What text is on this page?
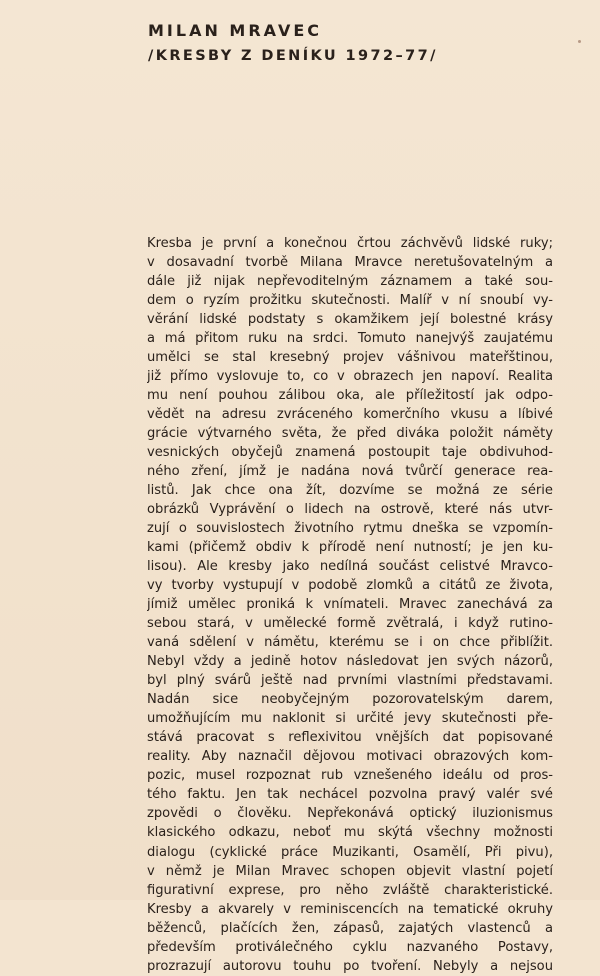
MILAN MRAVEC
/KRESBY Z DENÍKU 1972–77/
Kresba je první a konečnou črtou záchvěvů lidské ruky;
v dosavadní tvorbě Milana Mravce neretušovatelným a
dále již nijak nepřevoditelným záznamem a také sou-
dem o ryzím prožitku skutečnosti. Malíř v ní snoubí vy-
věrání lidské podstaty s okamžikem její bolestné krásy
a má přitom ruku na srdci. Tomuto nanejvýš zaujatému
umělci se stal kresebný projev vášnivou mateřštinou,
již přímo vyslovuje to, co v obrazech jen napoví. Realita
mu není pouhou zálibou oka, ale příležitostí jak odpo-
vědět na adresu zvráceného komerčního vkusu a líbivé
grácie výtvarného světa, že před diváka položit náměty
vesnických obyčejů znamená postoupit taje obdivuhod-
ného zření, jímž je nadána nová tvůrčí generace rea-
listů. Jak chce ona žít, dozvíme se možná ze série
obrázků Vyprávění o lidech na ostrově, které nás utvr-
zují o souvislostech životního rytmu dneška se vzpomín-
kami (přičemž obdiv k přírodě není nutností; je jen ku-
lisou). Ale kresby jako nedílná součást celistvé Mravco-
vy tvorby vystupují v podobě zlomků a citátů ze života,
jímiž umělec proniká k vnímateli. Mravec zanechává za
sebou stará, v umělecké formě zvětralá, i když rutino-
vaná sdělení v námětu, kterému se i on chce přiblížit.
Nebyl vždy a jedině hotov následovat jen svých názorů,
byl plný svárů ještě nad prvními vlastními představami.
Nadán sice neobyčejným pozorovatelským darem,
umožňujícím mu naklonit si určité jevy skutečnosti pře-
stává pracovat s reflexivitou vnějších dat popisované
reality. Aby naznačil dějovou motivaci obrazových kom-
pozic, musel rozpoznat rub vznešeného ideálu od pros-
tého faktu. Jen tak nechácel pozvolna pravý valér své
zpovědi o člověku. Nepřekonává optický iluzionismus
klasického odkazu, neboť mu skýtá všechny možnosti
dialogu (cyklické práce Muzikanti, Osamělí, Při pivu),
v němž je Milan Mravec schopen objevit vlastní pojetí
figurativní exprese, pro něho zvláště charakteristické.
Kresby a akvarely v reminiscencích na tematické okruhy
běženců, plačících žen, zápasů, zajatých vlastenců a
především protiválečného cyklu nazvaného Postavy,
prozrazují autorovu touhu po tvoření. Nebyly a nejsou
